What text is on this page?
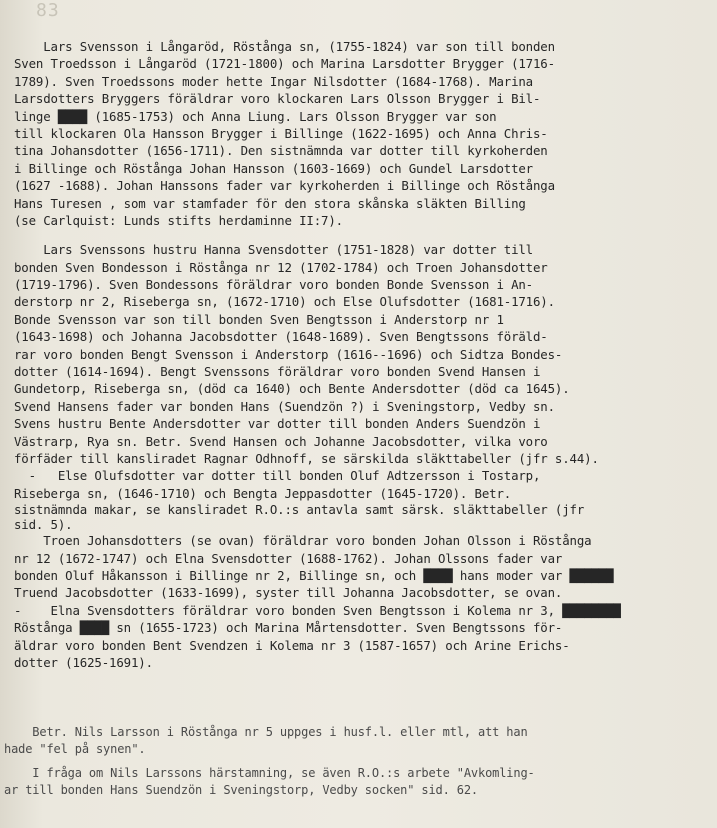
83
Lars Svensson i Långaröd, Röstånga sn, (1755-1824) var son till bonden
Sven Troedsson i Långaröd (1721-1800) och Marina Larsdotter Brygger (1716-
1789). Sven Troedssons moder hette Ingar Nilsdotter (1684-1768). Marina
Larsdotters Bryggers föräldrar voro klockaren Lars Olsson Brygger i Bil-
linge ████ (1685-1753) och Anna Liung. Lars Olsson Brygger var son
till klockaren Ola Hansson Brygger i Billinge (1622-1695) och Anna Chris-
tina Johansdotter (1656-1711). Den sistnämnda var dotter till kyrkoherden
i Billinge och Röstånga Johan Hansson (1603-1669) och Gundel Larsdotter
(1627 -1688). Johan Hanssons fader var kyrkoherden i Billinge och Röstånga
Hans Turesen , som var stamfader för den stora skånska släkten Billing
(se Carlquist: Lunds stifts herdaminne II:7).
Lars Svenssons hustru Hanna Svensdotter (1751-1828) var dotter till
bonden Sven Bondesson i Röstånga nr 12 (1702-1784) och Troen Johansdotter
(1719-1796). Sven Bondessons föräldrar voro bonden Bonde Svensson i An-
derstorp nr 2, Riseberga sn, (1672-1710) och Else Olufsdotter (1681-1716).
Bonde Svensson var son till bonden Sven Bengtsson i Anderstorp nr 1
(1643-1698) och Johanna Jacobsdotter (1648-1689). Sven Bengtssons föräld-
rar voro bonden Bengt Svensson i Anderstorp (1616--1696) och Sidtza Bondes-
dotter (1614-1694). Bengt Svenssons föräldrar voro bonden Svend Hansen i
Gundetorp, Riseberga sn, (död ca 1640) och Bente Andersdotter (död ca 1645).
Svend Hansens fader var bonden Hans (Suendzön ?) i Sveningstorp, Vedby sn.
Svens hustru Bente Andersdotter var dotter till bonden Anders Suendzön i
Västrarp, Rya sn. Betr. Svend Hansen och Johanne Jacobsdotter, vilka voro
förfäder till kansliradet Ragnar Odhnoff, se särskilda släkttabeller (jfr s.44).
-   Else Olufsdotter var dotter till bonden Oluf Adtzersson i Tostarp,
Riseberga sn, (1646-1710) och Bengta Jeppasdotter (1645-1720). Betr.
sistnämnda makar, se kansliradet R.O.:s antavla samt särsk. släkttabeller (jfr
sid. 5).
Troen Johansdotters (se ovan) föräldrar voro bonden Johan Olsson i Röstånga
nr 12 (1672-1747) och Elna Svensdotter (1688-1762). Johan Olssons fader var
bonden Oluf Håkansson i Billinge nr 2, Billinge sn, och ████ hans moder var ██████
Truend Jacobsdotter (1633-1699), syster till Johanna Jacobsdotter, se ovan.
-    Elna Svensdotters föräldrar voro bonden Sven Bengtsson i Kolema nr 3, ████████
Röstånga ████ sn (1655-1723) och Marina Mårtensdotter. Sven Bengtssons för-
äldrar voro bonden Bent Svendzen i Kolema nr 3 (1587-1657) och Arine Erichs-
dotter (1625-1691).
Betr. Nils Larsson i Röstånga nr 5 uppges i husf.l. eller mtl, att han
hade "fel på synen".
I fråga om Nils Larssons härstamning, se även R.O.:s arbete "Avkomling-
ar till bonden Hans Suendzön i Sveningstorp, Vedby socken" sid. 62.
